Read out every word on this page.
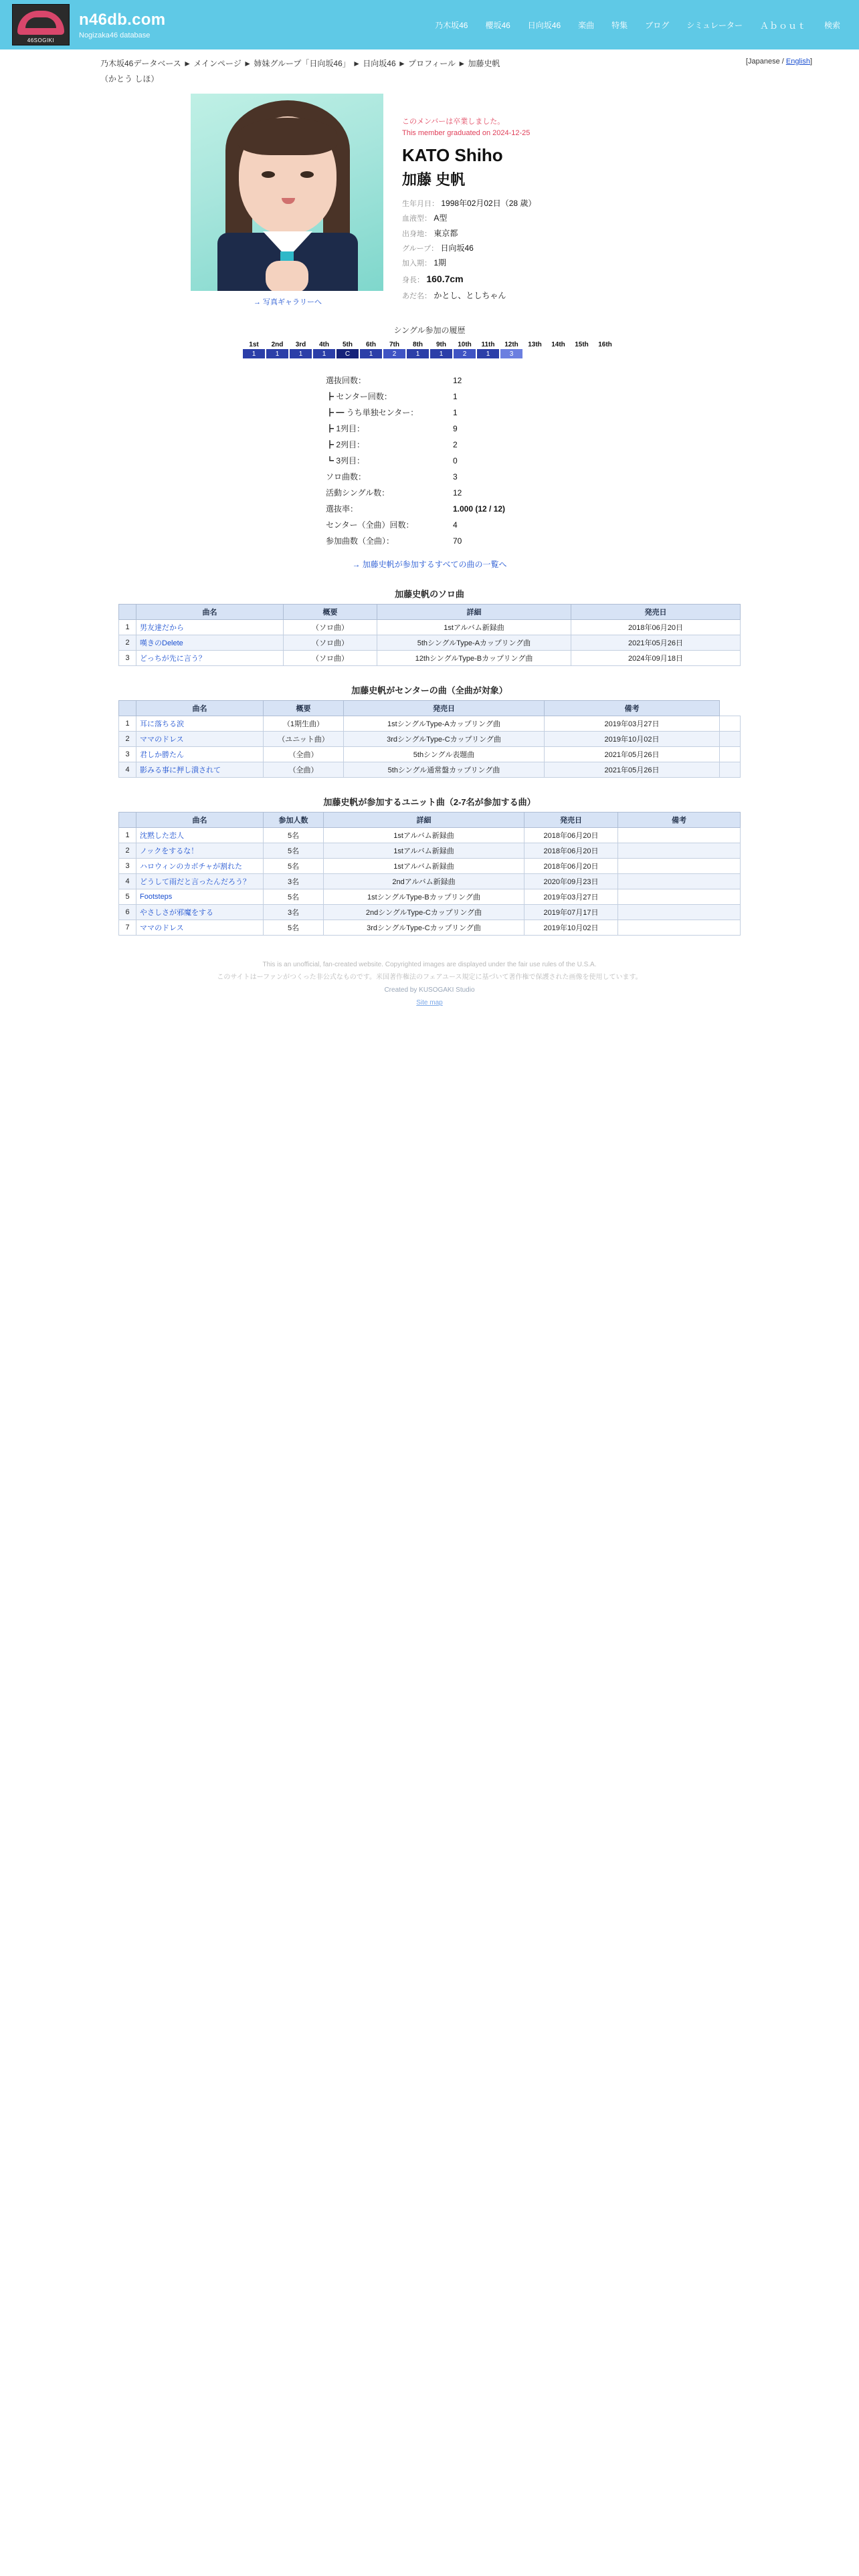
46SOGIKI
n46db.com
Nogizaka46 database
乃木坂46 櫻坂46 日向坂46 楽曲 特集 ブログ シミュレーター Ａｂｏｕｔ 検索
乃木坂46データベース ► メインページ ► 姉妹グループ「日向坂46」 ► 日向坂46 ► プロフィール ► 加藤史帆	[Japanese / English]
（かとう しほ）
→ 写真ギャラリーへ
このメンバーは卒業しました。
This member graduated on 2024-12-25
KATO Shiho
加藤 史帆
生年月日： 1998年02月02日（28 歳）
血液型： A型
出身地： 東京都
グループ： 日向坂46
加入期： 1期
身長： 160.7cm
あだ名： かとし、としちゃん
シングル参加の履歴
1st	2nd	3rd	4th	5th	6th	7th	8th	9th	10th	11th	12th	13th	14th	15th	16th
1	1	1	1	C	1	2	1	1	2	1	3
選抜回数：	12
┣ センター回数：	1
┣ ━ うち単独センター：	1
┣ 1列目：	9
┣ 2列目：	2
┗ 3列目：	0
ソロ曲数：	3
活動シングル数：	12
選抜率：	1.000 (12 / 12)
センター（全曲）回数：	4
参加曲数（全曲）：	70
→ 加藤史帆が参加するすべての曲の一覧へ
加藤史帆のソロ曲
	曲名	概要	詳細	発売日
1	男友達だから	（ソロ曲）	1stアルバム新録曲	2018年06月20日
2	嘆きのDelete	（ソロ曲）	5thシングルType-Aカップリング曲	2021年05月26日
3	どっちが先に言う？	（ソロ曲）	12thシングルType-Bカップリング曲	2024年09月18日
加藤史帆がセンターの曲（全曲が対象）
	曲名	概要	発売日	備考	
1	耳に落ちる涙	（1期生曲）	1stシングルType-Aカップリング曲	2019年03月27日	
2	ママのドレス	（ユニット曲）	3rdシングルType-Cカップリング曲	2019年10月02日	
3	君しか勝たん	（全曲）	5thシングル表題曲	2021年05月26日	
4	影みる事に押し潰されて	（全曲）	5thシングル通常盤カップリング曲	2021年05月26日	
加藤史帆が参加するユニット曲（2-7名が参加する曲）
	曲名	参加人数	詳細	発売日	備考
1	沈黙した恋人	5名	1stアルバム新録曲	2018年06月20日	
2	ノックをするな！	5名	1stアルバム新録曲	2018年06月20日	
3	ハロウィンのカボチャが割れた	5名	1stアルバム新録曲	2018年06月20日	
4	どうして雨だと言ったんだろう？	3名	2ndアルバム新録曲	2020年09月23日	
5	Footsteps	5名	1stシングルType-Bカップリング曲	2019年03月27日	
6	やさしさが邪魔をする	3名	2ndシングルType-Cカップリング曲	2019年07月17日	
7	ママのドレス	5名	3rdシングルType-Cカップリング曲	2019年10月02日	
This is an unofficial, fan-created website. Copyrighted images are displayed under the fair use rules of the U.S.A.
このサイトはーファンがつくった非公式なものです。米国著作権法のフェアユース規定に基づいて著作権で保護された画像を使用しています。
Created by KUSOGAKI Studio
Site map
